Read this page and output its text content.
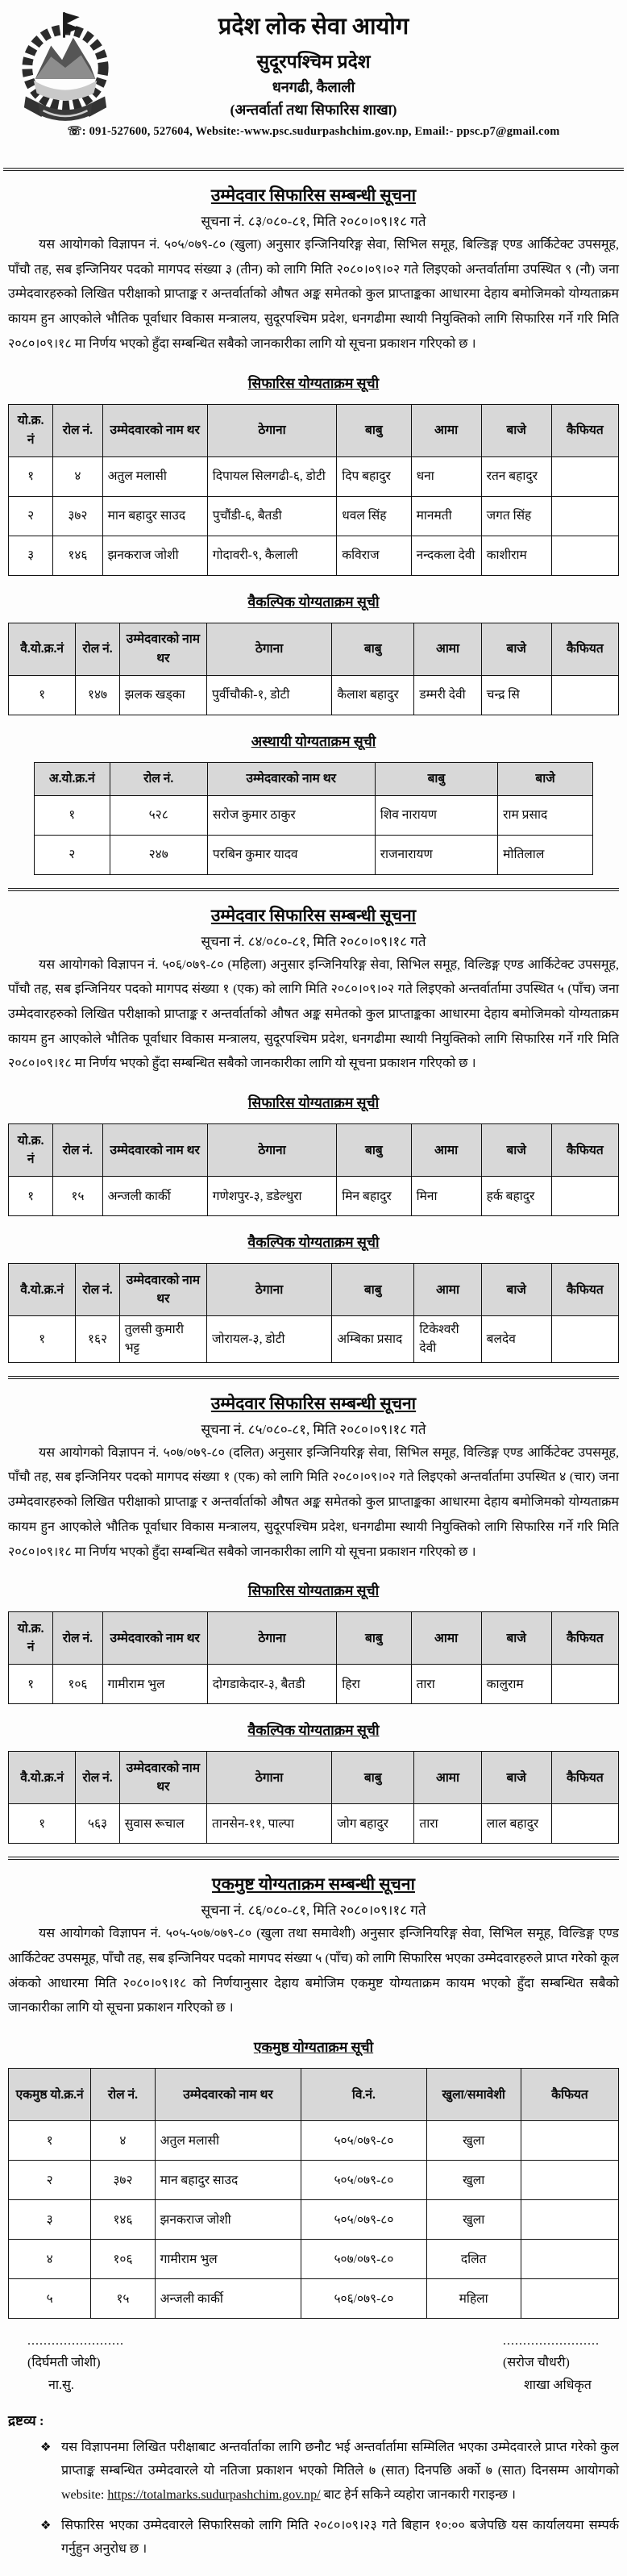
प्रदेश लोक सेवा आयोग
सुदूरपश्चिम प्रदेश
धनगढी, कैलाली
(अन्तर्वार्ता तथा सिफारिस शाखा)
☏: 091-527600, 527604, Website:-www.psc.sudurpashchim.gov.np, Email:- ppsc.p7@gmail.com
उम्मेदवार सिफारिस सम्बन्धी सूचना
सूचना नं. ८३/०८०-८१, मिति २०८०।०९।१८ गते
यस आयोगको विज्ञापन नं. ५०५/०७९-८० (खुला) अनुसार इन्जिनियरिङ्ग सेवा, सिभिल समूह, बिल्डिङ्ग एण्ड आर्किटेक्ट उपसमूह, पाँचौ तह, सब इन्जिनियर पदको मागपद संख्या ३ (तीन) को लागि मिति २०८०।०९।०२ गते लिइएको अन्तर्वार्तामा उपस्थित ९ (नौ) जना उम्मेदवारहरुको लिखित परीक्षाको प्राप्ताङ्क र अन्तर्वार्ताको औषत अङ्क समेतको कुल प्राप्ताङ्कका आधारमा देहाय बमोजिमको योग्यताक्रम कायम हुन आएकोले भौतिक पूर्वाधार विकास मन्त्रालय, सुदूरपश्चिम प्रदेश, धनगढीमा स्थायी नियुक्तिको लागि सिफारिस गर्ने गरि मिति २०८०।०९।१८ मा निर्णय भएको हुँदा सम्बन्धित सबैको जानकारीका लागि यो सूचना प्रकाशन गरिएको छ ।
सिफारिस योग्यताक्रम सूची
यो.क्र. नं	रोल नं.	उम्मेदवारको नाम थर	ठेगाना	बाबु	आमा	बाजे	कैफियत
१	४	अतुल मलासी	दिपायल सिलगढी-६, डोटी	दिप बहादुर	धना	रतन बहादुर	
२	३७२	मान बहादुर साउद	पुचौंडी-६, बैतडी	धवल सिंह	मानमती	जगत सिंह	
३	१४६	झनकराज जोशी	गोदावरी-९, कैलाली	कविराज	नन्दकला देवी	काशीराम	
वैकल्पिक योग्यताक्रम सूची
वै.यो.क्र.नं	रोल नं.	उम्मेदवारको नाम थर	ठेगाना	बाबु	आमा	बाजे	कैफियत
१	१४७	झलक खड्का	पुर्वीचौकी-१, डोटी	कैलाश बहादुर	डम्मरी देवी	चन्द्र सि	
अस्थायी योग्यताक्रम सूची
अ.यो.क्र.नं	रोल नं.	उम्मेदवारको नाम थर	बाबु	बाजे
१	५२८	सरोज कुमार ठाकुर	शिव नारायण	राम प्रसाद
२	२४७	परबिन कुमार यादव	राजनारायण	मोतिलाल
उम्मेदवार सिफारिस सम्बन्धी सूचना
सूचना नं. ८४/०८०-८१, मिति २०८०।०९।१८ गते
यस आयोगको विज्ञापन नं. ५०६/०७९-८० (महिला) अनुसार इन्जिनियरिङ्ग सेवा, सिभिल समूह, विल्डिङ्ग एण्ड आर्किटेक्ट उपसमूह, पाँचौ तह, सब इन्जिनियर पदको मागपद संख्या १ (एक) को लागि मिति २०८०।०९।०२ गते लिइएको अन्तर्वार्तामा उपस्थित ५ (पाँच) जना उम्मेदवारहरुको लिखित परीक्षाको प्राप्ताङ्क र अन्तर्वार्ताको औषत अङ्क समेतको कुल प्राप्ताङ्कका आधारमा देहाय बमोजिमको योग्यताक्रम कायम हुन आएकोले भौतिक पूर्वाधार विकास मन्त्रालय, सुदूरपश्चिम प्रदेश, धनगढीमा स्थायी नियुक्तिको लागि सिफारिस गर्ने गरि मिति २०८०।०९।१८ मा निर्णय भएको हुँदा सम्बन्धित सबैको जानकारीका लागि यो सूचना प्रकाशन गरिएको छ ।
सिफारिस योग्यताक्रम सूची
यो.क्र. नं	रोल नं.	उम्मेदवारको नाम थर	ठेगाना	बाबु	आमा	बाजे	कैफियत
१	१५	अन्जली कार्की	गणेशपुर-३, डडेल्धुरा	मिन बहादुर	मिना	हर्क बहादुर	
वैकल्पिक योग्यताक्रम सूची
वै.यो.क्र.नं	रोल नं.	उम्मेदवारको नाम थर	ठेगाना	बाबु	आमा	बाजे	कैफियत
१	१६२	तुलसी कुमारी भट्ट	जोरायल-३, डोटी	अम्बिका प्रसाद	टिकेश्वरी देवी	बलदेव	
उम्मेदवार सिफारिस सम्बन्धी सूचना
सूचना नं. ८५/०८०-८१, मिति २०८०।०९।१८ गते
यस आयोगको विज्ञापन नं. ५०७/०७९-८० (दलित) अनुसार इन्जिनियरिङ्ग सेवा, सिभिल समूह, विल्डिङ्ग एण्ड आर्किटेक्ट उपसमूह, पाँचौ तह, सब इन्जिनियर पदको मागपद संख्या १ (एक) को लागि मिति २०८०।०९।०२ गते लिइएको अन्तर्वार्तामा उपस्थित ४ (चार) जना उम्मेदवारहरुको लिखित परीक्षाको प्राप्ताङ्क र अन्तर्वार्ताको औषत अङ्क समेतको कुल प्राप्ताङ्कका आधारमा देहाय बमोजिमको योग्यताक्रम कायम हुन आएकोले भौतिक पूर्वाधार विकास मन्त्रालय, सुदूरपश्चिम प्रदेश, धनगढीमा स्थायी नियुक्तिको लागि सिफारिस गर्ने गरि मिति २०८०।०९।१८ मा निर्णय भएको हुँदा सम्बन्धित सबैको जानकारीका लागि यो सूचना प्रकाशन गरिएको छ ।
सिफारिस योग्यताक्रम सूची
यो.क्र. नं	रोल नं.	उम्मेदवारको नाम थर	ठेगाना	बाबु	आमा	बाजे	कैफियत
१	१०६	गामीराम भुल	दोगडाकेदार-३, बैतडी	हिरा	तारा	कालुराम	
वैकल्पिक योग्यताक्रम सूची
वै.यो.क्र.नं	रोल नं.	उम्मेदवारको नाम थर	ठेगाना	बाबु	आमा	बाजे	कैफियत
१	५६३	सुवास रूचाल	तानसेन-११, पाल्पा	जोग बहादुर	तारा	लाल बहादुर	
एकमुष्ट योग्यताक्रम सम्बन्धी सूचना
सूचना नं. ८६/०८०-८१, मिति २०८०।०९।१८ गते
यस आयोगको विज्ञापन नं. ५०५-५०७/०७९-८० (खुला तथा समावेशी) अनुसार इन्जिनियरिङ्ग सेवा, सिभिल समूह, विल्डिङ्ग एण्ड आर्किटेक्ट उपसमूह, पाँचौ तह, सब इन्जिनियर पदको मागपद संख्या ५ (पाँच) को लागि सिफारिस भएका उम्मेदवारहरुले प्राप्त गरेको कूल अंकको आधारमा मिति २०८०।०९।१८ को निर्णयानुसार देहाय बमोजिम एकमुष्ट योग्यताक्रम कायम भएको हुँदा सम्बन्धित सबैको जानकारीका लागि यो सूचना प्रकाशन गरिएको छ ।
एकमुष्ठ योग्यताक्रम सूची
एकमुष्ठ यो.क्र.नं	रोल नं.	उम्मेदवारको नाम थर	वि.नं.	खुला/समावेशी	कैफियत
१	४	अतुल मलासी	५०५/०७९-८०	खुला	
२	३७२	मान बहादुर साउद	५०५/०७९-८०	खुला	
३	१४६	झनकराज जोशी	५०५/०७९-८०	खुला	
४	१०६	गामीराम भुल	५०७/०७९-८०	दलित	
५	१५	अन्जली कार्की	५०६/०७९-८०	महिला	
........................
(दिर्घमती जोशी)
ना.सु.
........................
(सरोज चौधरी)
शाखा अधिकृत
द्रष्टव्य :
❖ यस विज्ञापनमा लिखित परीक्षाबाट अन्तर्वार्ताका लागि छनौट भई अन्तर्वार्तामा सम्मिलित भएका उम्मेदवारले प्राप्त गरेको कुल प्राप्ताङ्क सम्बन्धित उम्मेदवारले यो नतिजा प्रकाशन भएको मितिले ७ (सात) दिनपछि अर्को ७ (सात) दिनसम्म आयोगको website: https://totalmarks.sudurpashchim.gov.np/ बाट हेर्न सकिने व्यहोरा जानकारी गराइन्छ ।
❖ सिफारिस भएका उम्मेदवारले सिफारिसको लागि मिति २०८०।०९।२३ गते बिहान १०:०० बजेपछि यस कार्यालयमा सम्पर्क गर्नुहुन अनुरोध छ ।
